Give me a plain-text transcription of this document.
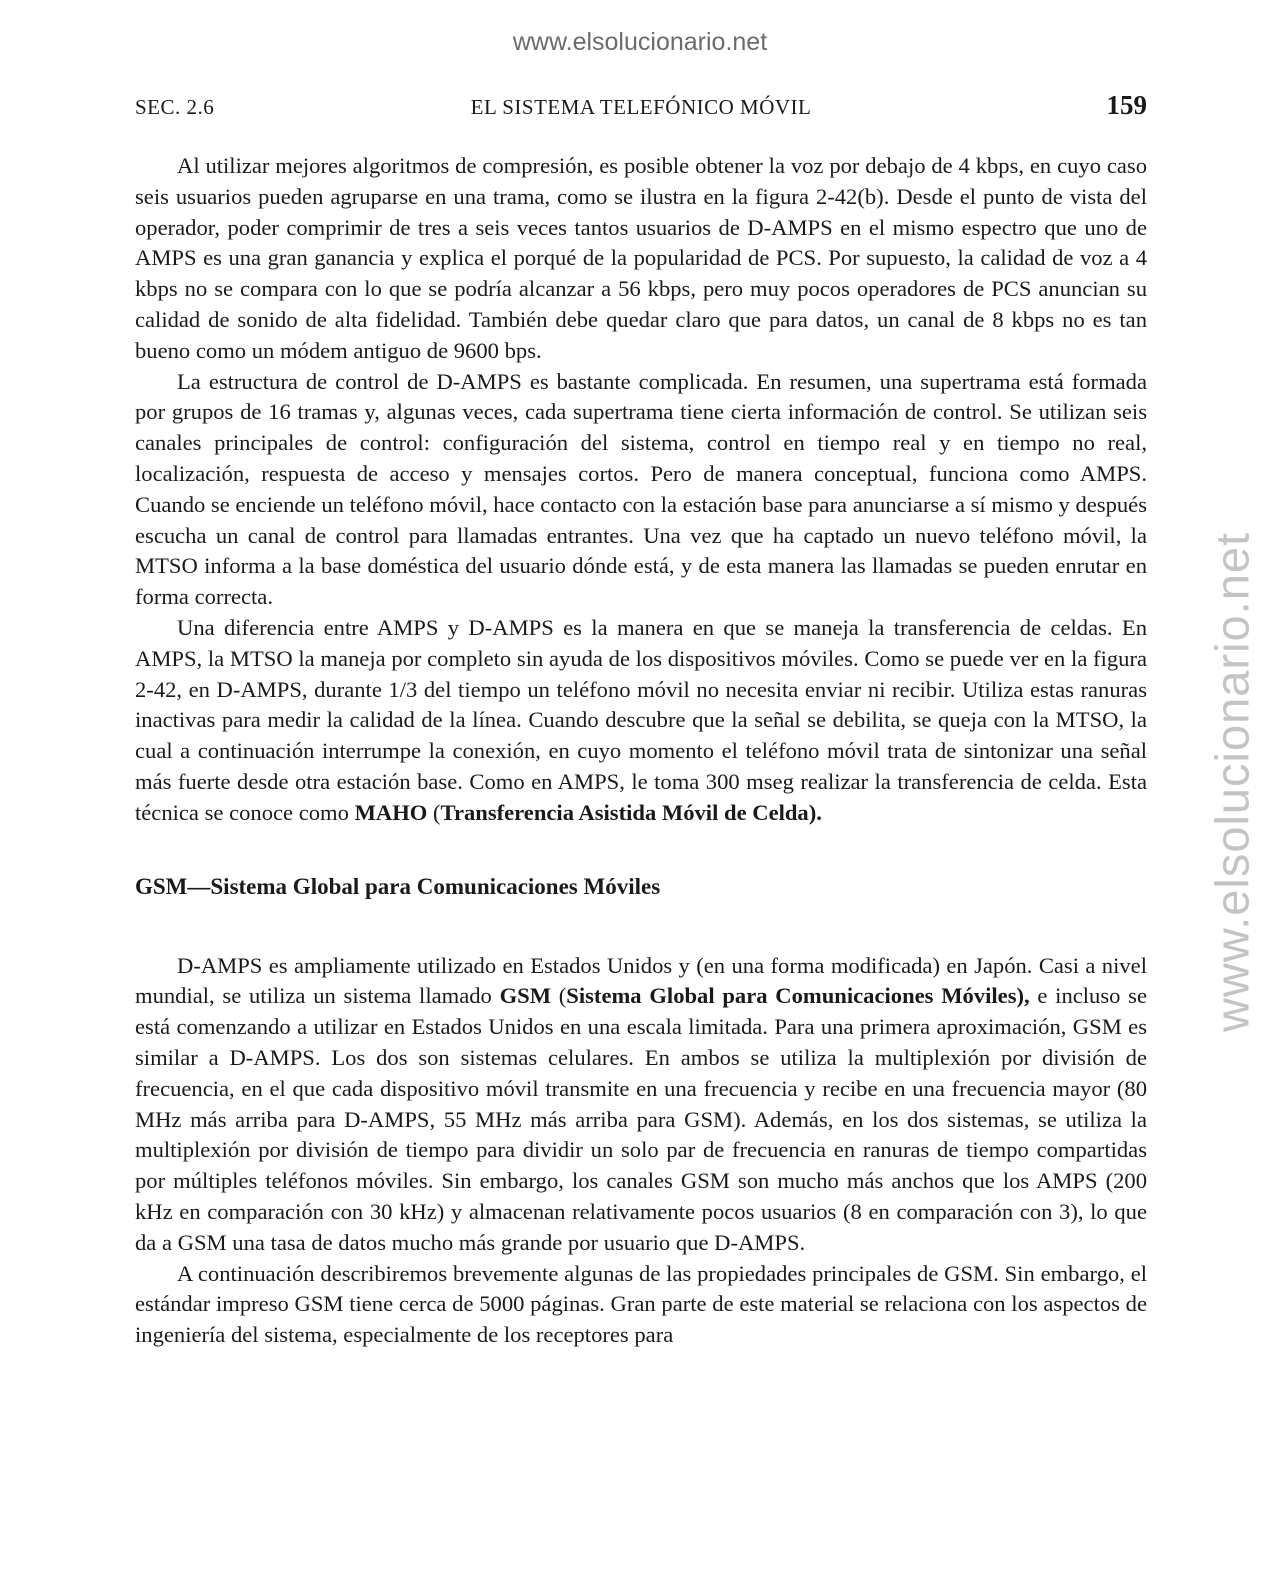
www.elsolucionario.net
www.elsolucionario.net
SEC. 2.6	EL SISTEMA TELEFÓNICO MÓVIL	159

Al utilizar mejores algoritmos de compresión, es posible obtener la voz por debajo de 4 kbps, en cuyo caso seis usuarios pueden agruparse en una trama, como se ilustra en la figura 2-42(b). Desde el punto de vista del operador, poder comprimir de tres a seis veces tantos usuarios de D-AMPS en el mismo espectro que uno de AMPS es una gran ganancia y explica el porqué de la popularidad de PCS. Por supuesto, la calidad de voz a 4 kbps no se compara con lo que se podría alcanzar a 56 kbps, pero muy pocos operadores de PCS anuncian su calidad de sonido de alta fidelidad. También debe quedar claro que para datos, un canal de 8 kbps no es tan bueno como un módem antiguo de 9600 bps.

La estructura de control de D-AMPS es bastante complicada. En resumen, una supertrama está formada por grupos de 16 tramas y, algunas veces, cada supertrama tiene cierta información de control. Se utilizan seis canales principales de control: configuración del sistema, control en tiempo real y en tiempo no real, localización, respuesta de acceso y mensajes cortos. Pero de manera conceptual, funciona como AMPS. Cuando se enciende un teléfono móvil, hace contacto con la estación base para anunciarse a sí mismo y después escucha un canal de control para llamadas entrantes. Una vez que ha captado un nuevo teléfono móvil, la MTSO informa a la base doméstica del usuario dónde está, y de esta manera las llamadas se pueden enrutar en forma correcta.

Una diferencia entre AMPS y D-AMPS es la manera en que se maneja la transferencia de celdas. En AMPS, la MTSO la maneja por completo sin ayuda de los dispositivos móviles. Como se puede ver en la figura 2-42, en D-AMPS, durante 1/3 del tiempo un teléfono móvil no necesita enviar ni recibir. Utiliza estas ranuras inactivas para medir la calidad de la línea. Cuando descubre que la señal se debilita, se queja con la MTSO, la cual a continuación interrumpe la conexión, en cuyo momento el teléfono móvil trata de sintonizar una señal más fuerte desde otra estación base. Como en AMPS, le toma 300 mseg realizar la transferencia de celda. Esta técnica se conoce como MAHO (Transferencia Asistida Móvil de Celda).

GSM—Sistema Global para Comunicaciones Móviles

D-AMPS es ampliamente utilizado en Estados Unidos y (en una forma modificada) en Japón. Casi a nivel mundial, se utiliza un sistema llamado GSM (Sistema Global para Comunicaciones Móviles), e incluso se está comenzando a utilizar en Estados Unidos en una escala limitada. Para una primera aproximación, GSM es similar a D-AMPS. Los dos son sistemas celulares. En ambos se utiliza la multiplexión por división de frecuencia, en el que cada dispositivo móvil transmite en una frecuencia y recibe en una frecuencia mayor (80 MHz más arriba para D-AMPS, 55 MHz más arriba para GSM). Además, en los dos sistemas, se utiliza la multiplexión por división de tiempo para dividir un solo par de frecuencia en ranuras de tiempo compartidas por múltiples teléfonos móviles. Sin embargo, los canales GSM son mucho más anchos que los AMPS (200 kHz en comparación con 30 kHz) y almacenan relativamente pocos usuarios (8 en comparación con 3), lo que da a GSM una tasa de datos mucho más grande por usuario que D-AMPS.

A continuación describiremos brevemente algunas de las propiedades principales de GSM. Sin embargo, el estándar impreso GSM tiene cerca de 5000 páginas. Gran parte de este material se relaciona con los aspectos de ingeniería del sistema, especialmente de los receptores para
